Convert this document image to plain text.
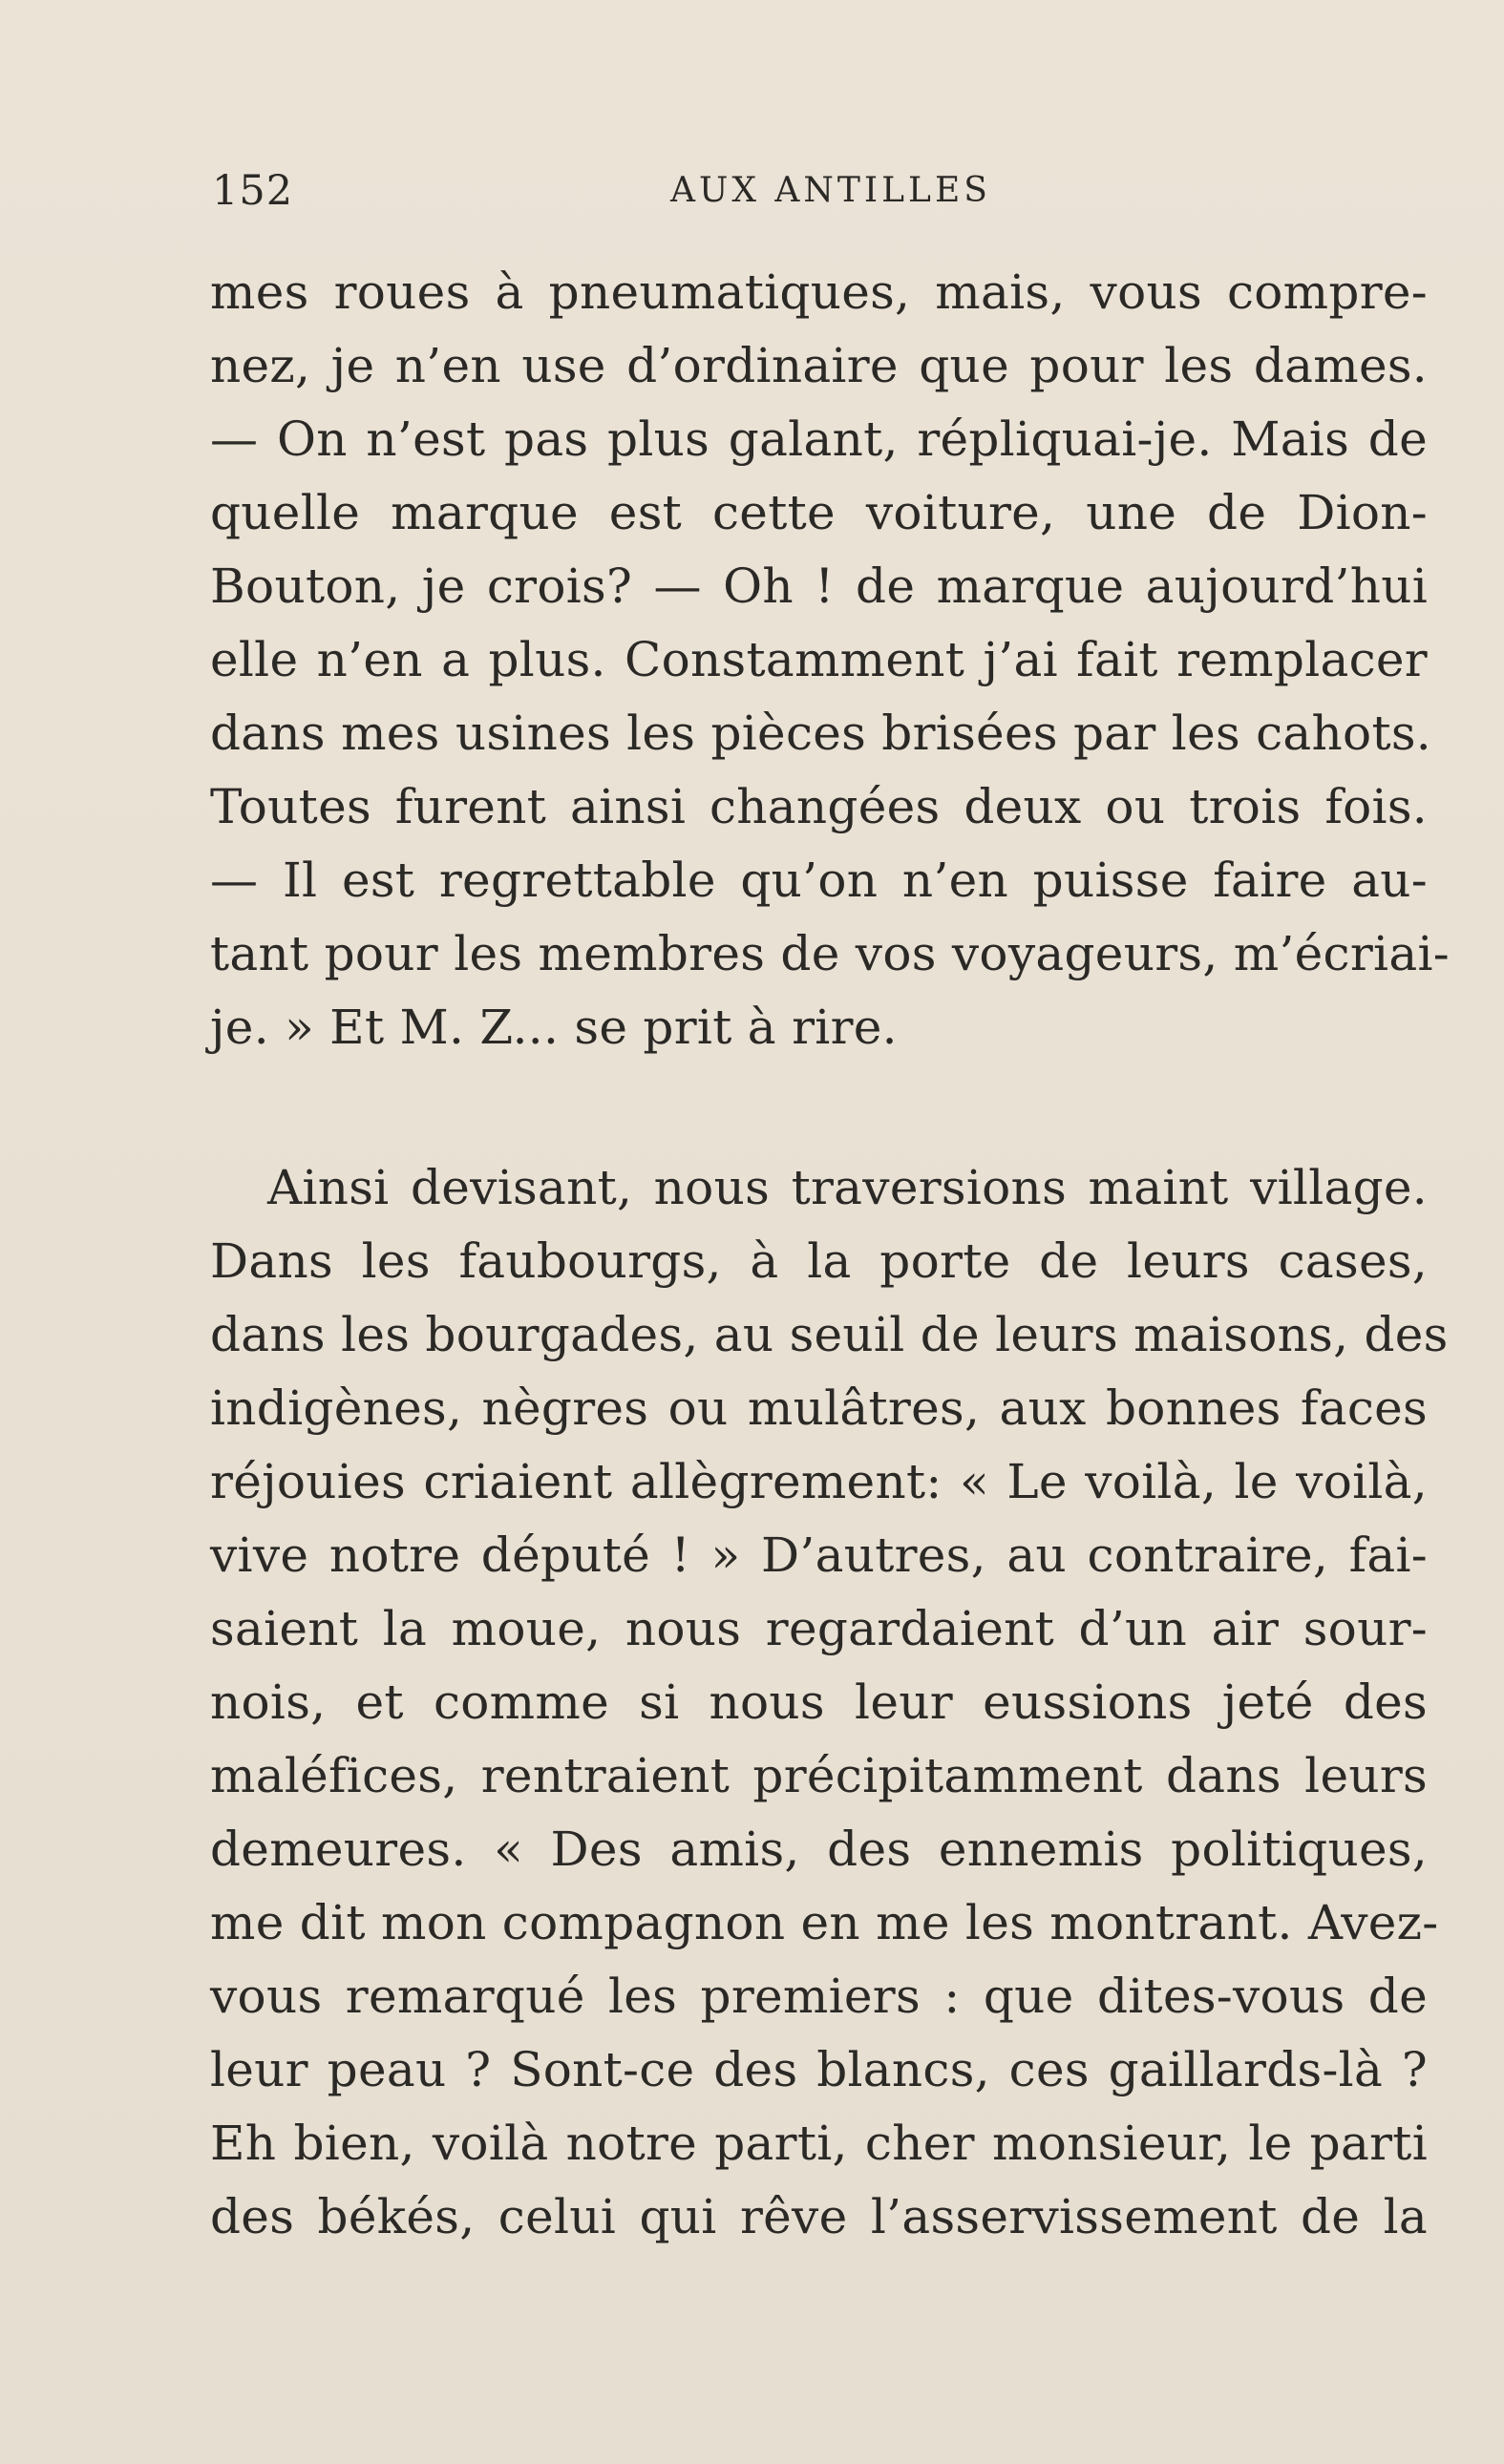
152	AUX ANTILLES

mes roues à pneumatiques, mais, vous compre-
nez, je n’en use d’ordinaire que pour les dames.
— On n’est pas plus galant, répliquai-je. Mais de
quelle marque est cette voiture, une de Dion-
Bouton, je crois? — Oh ! de marque aujourd’hui
elle n’en a plus. Constamment j’ai fait remplacer
dans mes usines les pièces brisées par les cahots.
Toutes furent ainsi changées deux ou trois fois.
— Il est regrettable qu’on n’en puisse faire au-
tant pour les membres de vos voyageurs, m’écriai-
je. » Et M. Z... se prit à rire.

Ainsi devisant, nous traversions maint village.
Dans les faubourgs, à la porte de leurs cases,
dans les bourgades, au seuil de leurs maisons, des
indigènes, nègres ou mulâtres, aux bonnes faces
réjouies criaient allègrement: « Le voilà, le voilà,
vive notre député ! » D’autres, au contraire, fai-
saient la moue, nous regardaient d’un air sour-
nois, et comme si nous leur eussions jeté des
maléfices, rentraient précipitamment dans leurs
demeures. « Des amis, des ennemis politiques,
me dit mon compagnon en me les montrant. Avez-
vous remarqué les premiers : que dites-vous de
leur peau ? Sont-ce des blancs, ces gaillards-là ?
Eh bien, voilà notre parti, cher monsieur, le parti
des békés, celui qui rêve l’asservissement de la
